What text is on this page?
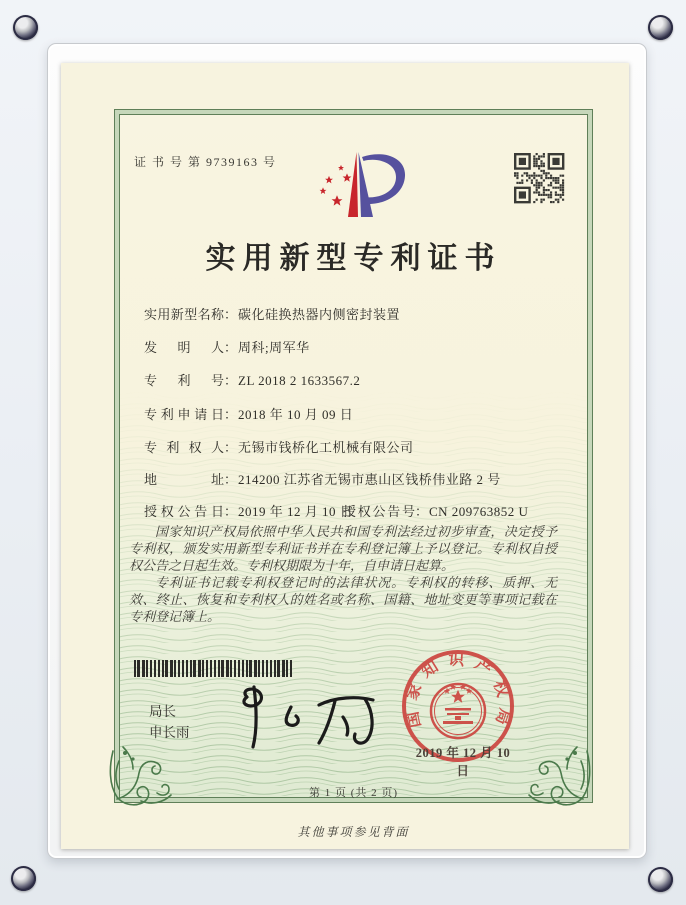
证 书 号 第 9739163 号
实用新型专利证书
实用新型名称：碳化硅换热器内侧密封装置
发明人：周科;周军华
专利号：ZL 2018 2 1633567.2
专利申请日：2018 年 10 月 09 日
专利权人：无锡市钱桥化工机械有限公司
地址：214200 江苏省无锡市惠山区钱桥伟业路 2 号
授权公告日：2019 年 12 月 10 日
授权公告号：CN 209763852 U

国家知识产权局依照中华人民共和国专利法经过初步审查，决定授予专利权，颁发实用新型专利证书并在专利登记簿上予以登记。专利权自授权公告之日起生效。专利权期限为十年，自申请日起算。

专利证书记载专利权登记时的法律状况。专利权的转移、质押、无效、终止、恢复和专利权人的姓名或名称、国籍、地址变更等事项记载在专利登记簿上。

局长
申长雨
国家知识产权局
2019 年 12 月 10 日
第 1 页 (共 2 页)
其他事项参见背面
